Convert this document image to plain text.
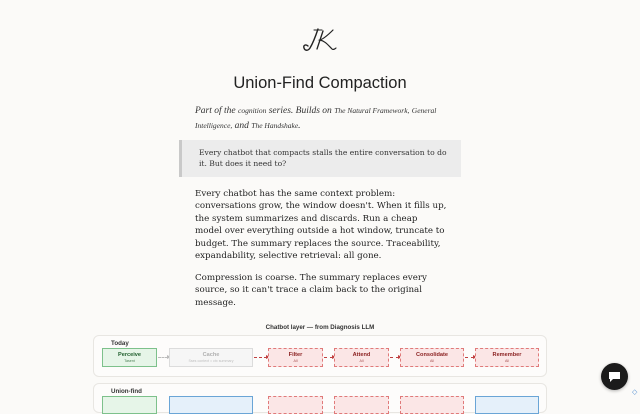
Union-Find Compaction
Part of the cognition series. Builds on The Natural Framework, General Intelligence, and The Handshake.
Every chatbot that compacts stalls the entire conversation to do it. But does it need to?

Every chatbot has the same context problem: conversations grow, the window doesn't. When it fills up, the system summarizes and discards. Run a cheap model over everything outside a hot window, truncate to budget. The summary replaces the source. Traceability, expandability, selective retrieval: all gone.

Compression is coarse. The summary replaces every source, so it can't trace a claim back to the original message.

Chatbot layer — from Diagnosis LLM
Today
Perceive
Tasent
Cache
Sses context = ctx summary
Filter
All
Attend
All
Consolidate
All
Remember
All
Union-find	◇
